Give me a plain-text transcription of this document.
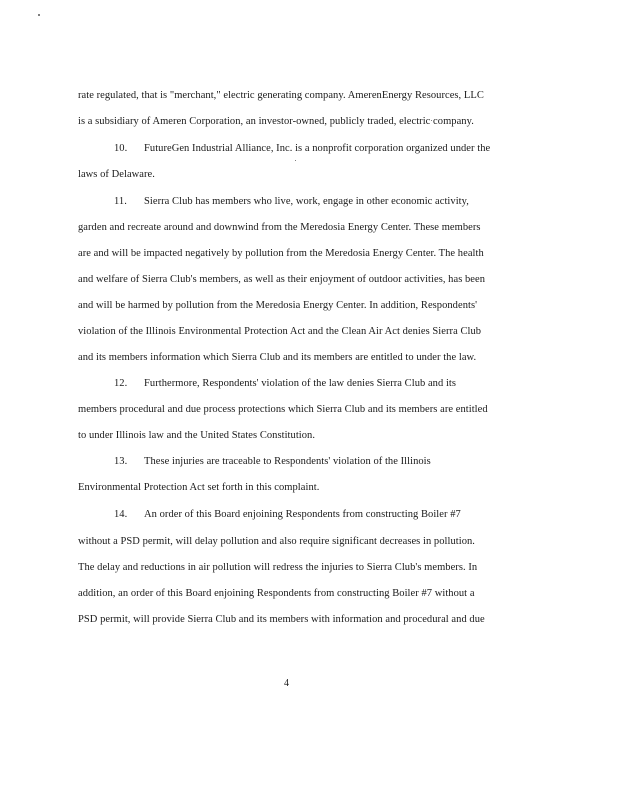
rate regulated, that is "merchant," electric generating company. AmerenEnergy Resources, LLC
is a subsidiary of Ameren Corporation, an investor-owned, publicly traded, electric company.
10. FutureGen Industrial Alliance, Inc. is a nonprofit corporation organized under the
laws of Delaware.
11. Sierra Club has members who live, work, engage in other economic activity,
garden and recreate around and downwind from the Meredosia Energy Center. These members
are and will be impacted negatively by pollution from the Meredosia Energy Center. The health
and welfare of Sierra Club's members, as well as their enjoyment of outdoor activities, has been
and will be harmed by pollution from the Meredosia Energy Center. In addition, Respondents'
violation of the Illinois Environmental Protection Act and the Clean Air Act denies Sierra Club
and its members information which Sierra Club and its members are entitled to under the law.
12. Furthermore, Respondents' violation of the law denies Sierra Club and its
members procedural and due process protections which Sierra Club and its members are entitled
to under Illinois law and the United States Constitution.
13. These injuries are traceable to Respondents' violation of the Illinois
Environmental Protection Act set forth in this complaint.
14. An order of this Board enjoining Respondents from constructing Boiler #7
without a PSD permit, will delay pollution and also require significant decreases in pollution.
The delay and reductions in air pollution will redress the injuries to Sierra Club's members. In
addition, an order of this Board enjoining Respondents from constructing Boiler #7 without a
PSD permit, will provide Sierra Club and its members with information and procedural and due
4
